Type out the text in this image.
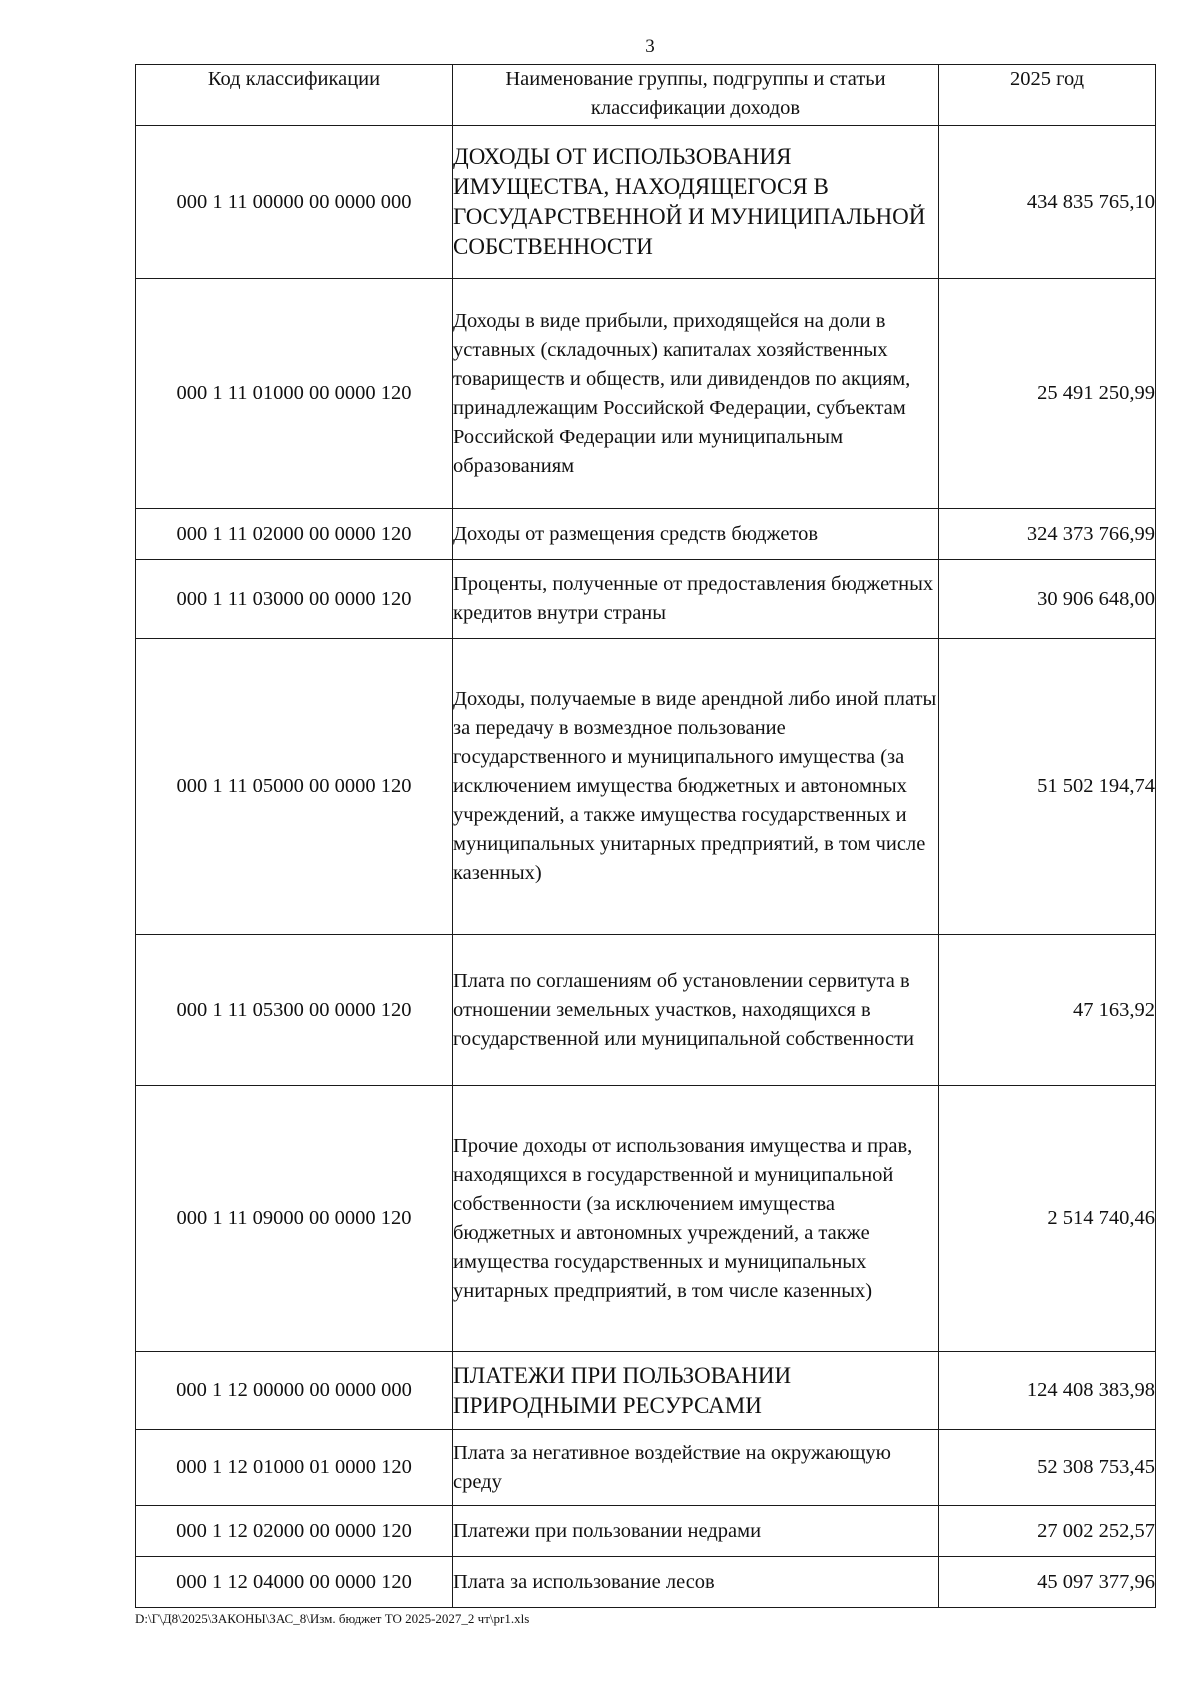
3
Код классификации	Наименование группы, подгруппы и статьи классификации доходов	2025 год
000 1 11 00000 00 0000 000	ДОХОДЫ ОТ ИСПОЛЬЗОВАНИЯ ИМУЩЕСТВА, НАХОДЯЩЕГОСЯ В ГОСУДАРСТВЕННОЙ И МУНИЦИПАЛЬНОЙ СОБСТВЕННОСТИ	434 835 765,10
000 1 11 01000 00 0000 120	Доходы в виде прибыли, приходящейся на доли в уставных (складочных) капиталах хозяйственных товариществ и обществ, или дивидендов по акциям, принадлежащим Российской Федерации, субъектам Российской Федерации или муниципальным образованиям	25 491 250,99
000 1 11 02000 00 0000 120	Доходы от размещения средств бюджетов	324 373 766,99
000 1 11 03000 00 0000 120	Проценты, полученные от предоставления бюджетных кредитов внутри страны	30 906 648,00
000 1 11 05000 00 0000 120	Доходы, получаемые в виде арендной либо иной платы за передачу в возмездное пользование государственного и муниципального имущества (за исключением имущества бюджетных и автономных учреждений, а также имущества государственных и муниципальных унитарных предприятий, в том числе казенных)	51 502 194,74
000 1 11 05300 00 0000 120	Плата по соглашениям об установлении сервитута в отношении земельных участков, находящихся в государственной или муниципальной собственности	47 163,92
000 1 11 09000 00 0000 120	Прочие доходы от использования имущества и прав, находящихся в государственной и муниципальной собственности (за исключением имущества бюджетных и автономных учреждений, а также имущества государственных и муниципальных унитарных предприятий, в том числе казенных)	2 514 740,46
000 1 12 00000 00 0000 000	ПЛАТЕЖИ ПРИ ПОЛЬЗОВАНИИ ПРИРОДНЫМИ РЕСУРСАМИ	124 408 383,98
000 1 12 01000 01 0000 120	Плата за негативное воздействие на окружающую среду	52 308 753,45
000 1 12 02000 00 0000 120	Платежи при пользовании недрами	27 002 252,57
000 1 12 04000 00 0000 120	Плата за использование лесов	45 097 377,96
D:\Г\Д8\2025\ЗАКОНЫ\ЗАС_8\Изм. бюджет ТО 2025-2027_2 чт\pr1.xls
